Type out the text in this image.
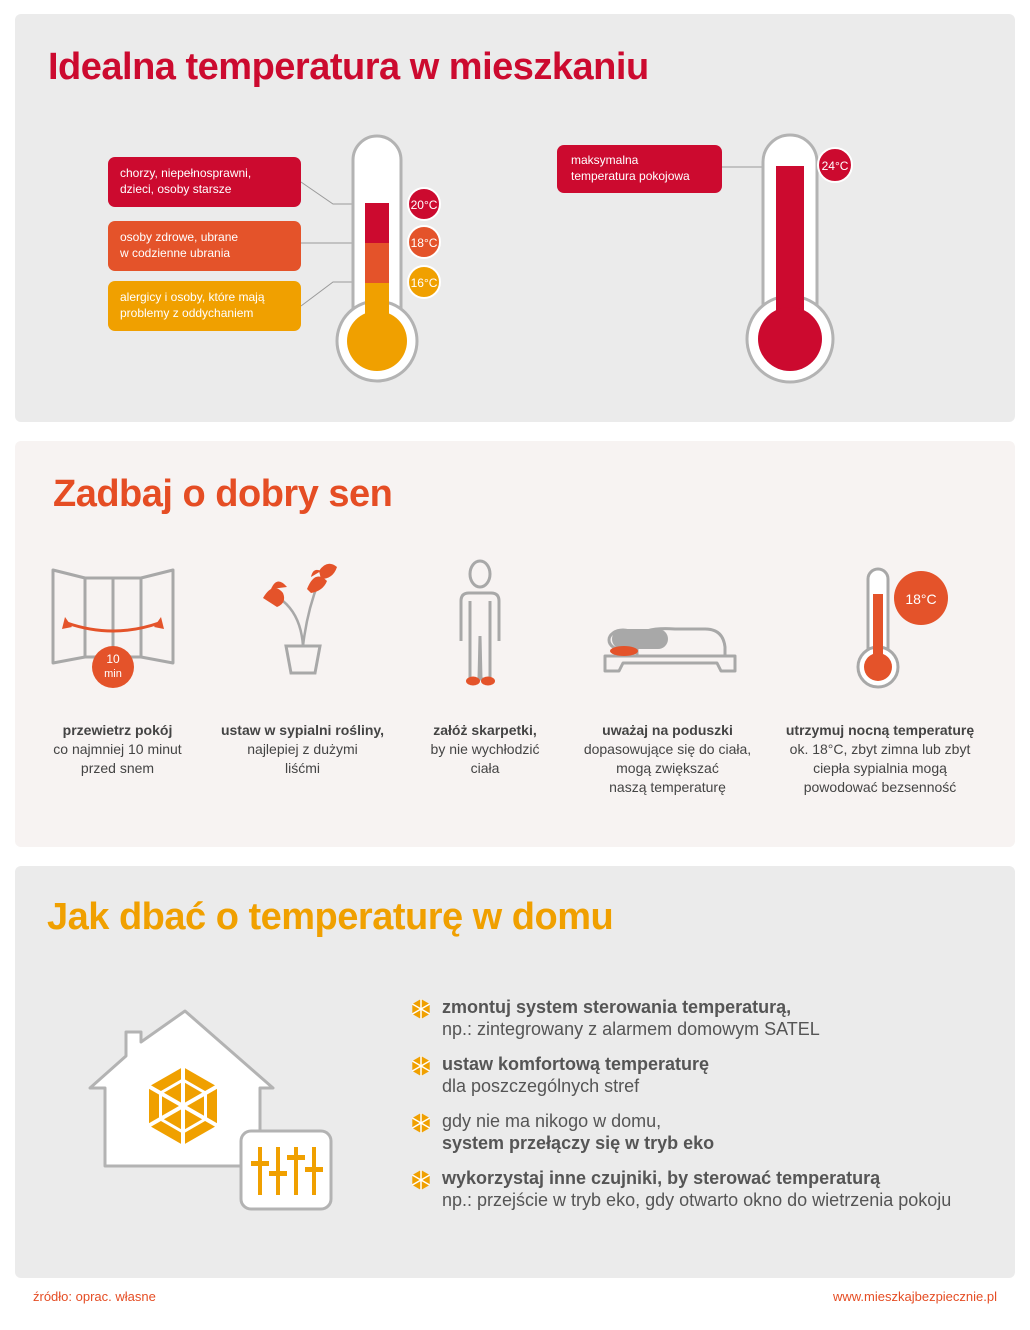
Idealna temperatura w mieszkaniu
20°C
18°C
16°C
24°C
chorzy, niepełnosprawni,
dzieci, osoby starsze
osoby zdrowe, ubrane
w codzienne ubrania
alergicy i osoby, które mają
problemy z oddychaniem
maksymalna
temperatura pokojowa
Zadbaj o dobry sen
10
min
18°C
przewietrz pokój
co najmniej 10 minut
przed snem
ustaw w sypialni rośliny,
najlepiej z dużymi
liśćmi
załóż skarpetki,
by nie wychłodzić
ciała
uważaj na poduszki
dopasowujące się do ciała,
mogą zwiększać
naszą temperaturę
utrzymuj nocną temperaturę
ok. 18°C, zbyt zimna lub zbyt
ciepła sypialnia mogą
powodować bezsenność
Jak dbać o temperaturę w domu
zmontuj system sterowania temperaturą,
np.: zintegrowany z alarmem domowym SATEL
ustaw komfortową temperaturę
dla poszczególnych stref
gdy nie ma nikogo w domu,
system przełączy się w tryb eko
wykorzystaj inne czujniki, by sterować temperaturą
np.: przejście w tryb eko, gdy otwarto okno do wietrzenia pokoju
źródło: oprac. własne	www.mieszkajbezpiecznie.pl
